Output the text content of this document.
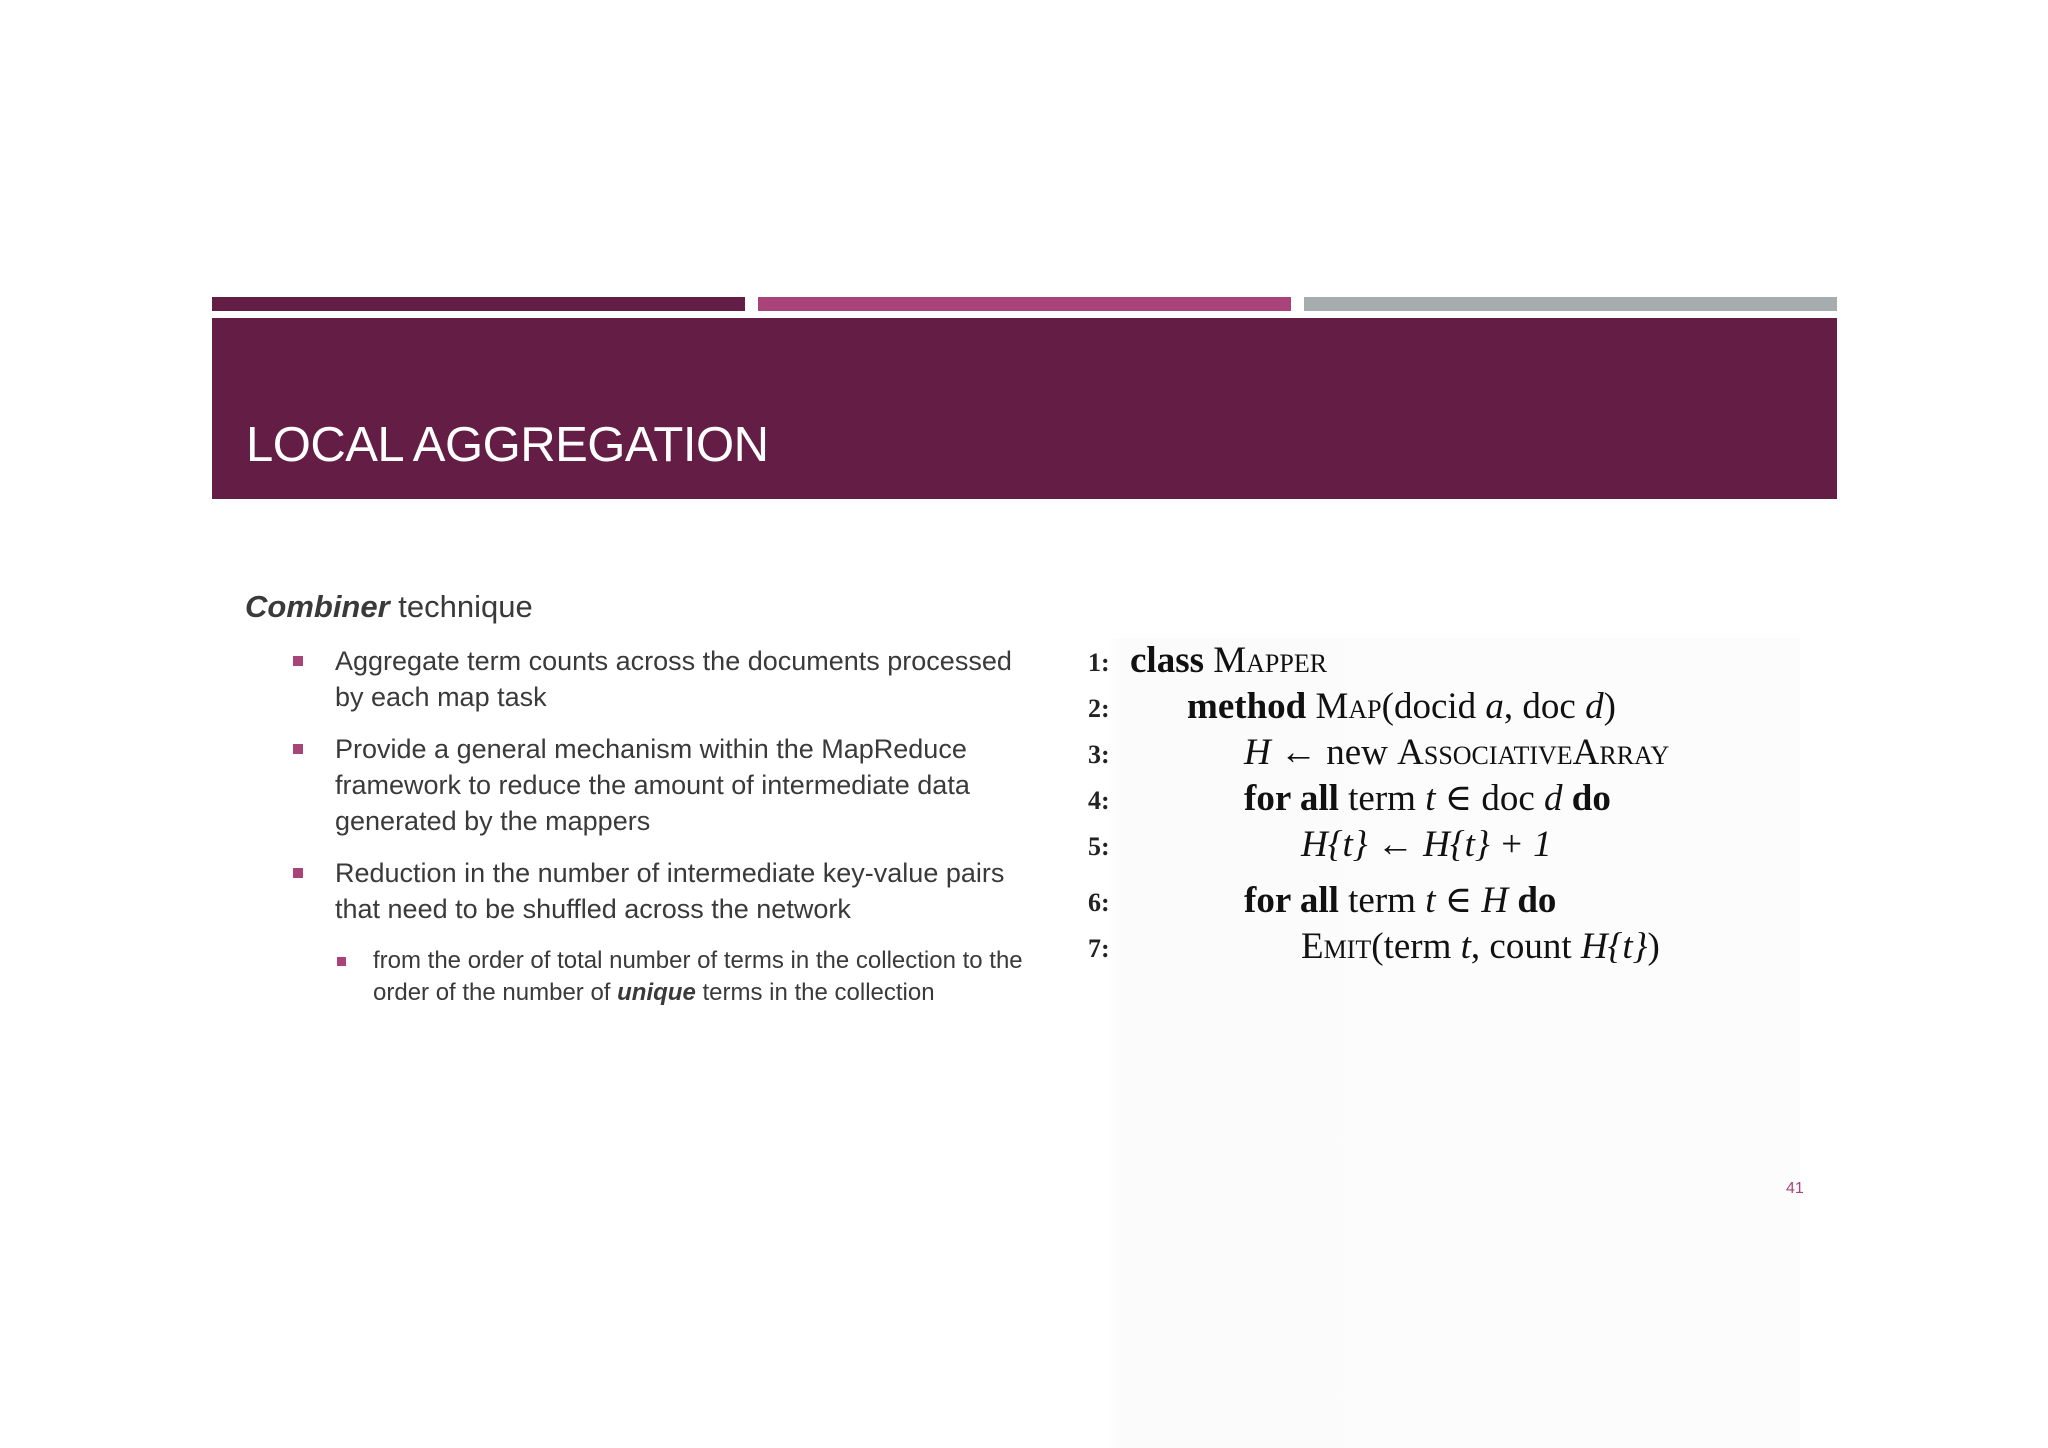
LOCAL AGGREGATION
Combiner technique
Aggregate term counts across the documents processed by each map task
Provide a general mechanism within the MapReduce framework to reduce the amount of intermediate data generated by the mappers
Reduction in the number of intermediate key-value pairs that need to be shuffled across the network
from the order of total number of terms in the collection to the order of the number of unique terms in the collection
1: class Mapper
2: method Map(docid a, doc d)
3:	H ← new AssociativeArray
4:	for all term t ∈ doc d do
5:	H{t} ← H{t} + 1
6:	for all term t ∈ H do
7:	Emit(term t, count H{t})
41
